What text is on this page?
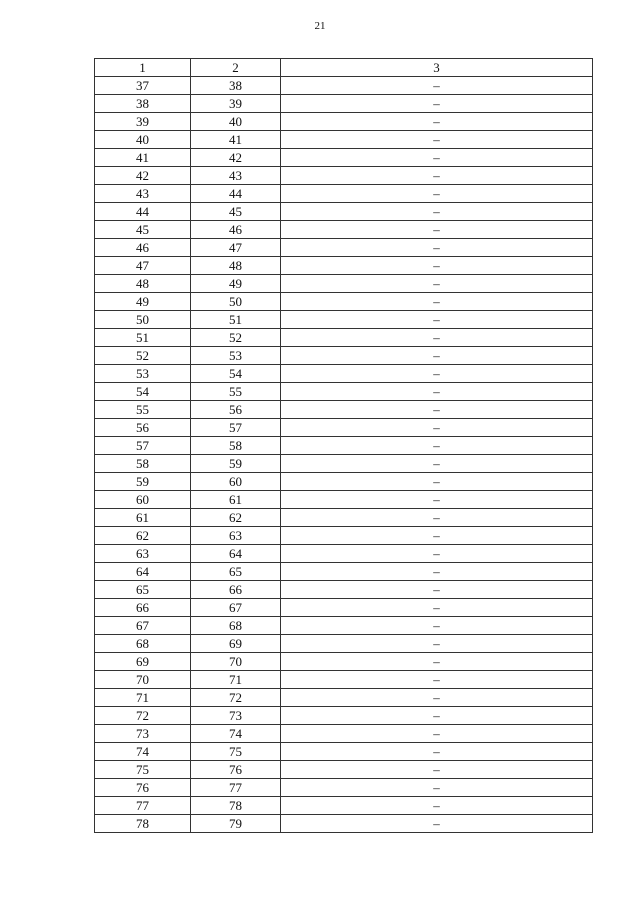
21
1	2	3
37	38	–
38	39	–
39	40	–
40	41	–
41	42	–
42	43	–
43	44	–
44	45	–
45	46	–
46	47	–
47	48	–
48	49	–
49	50	–
50	51	–
51	52	–
52	53	–
53	54	–
54	55	–
55	56	–
56	57	–
57	58	–
58	59	–
59	60	–
60	61	–
61	62	–
62	63	–
63	64	–
64	65	–
65	66	–
66	67	–
67	68	–
68	69	–
69	70	–
70	71	–
71	72	–
72	73	–
73	74	–
74	75	–
75	76	–
76	77	–
77	78	–
78	79	–
